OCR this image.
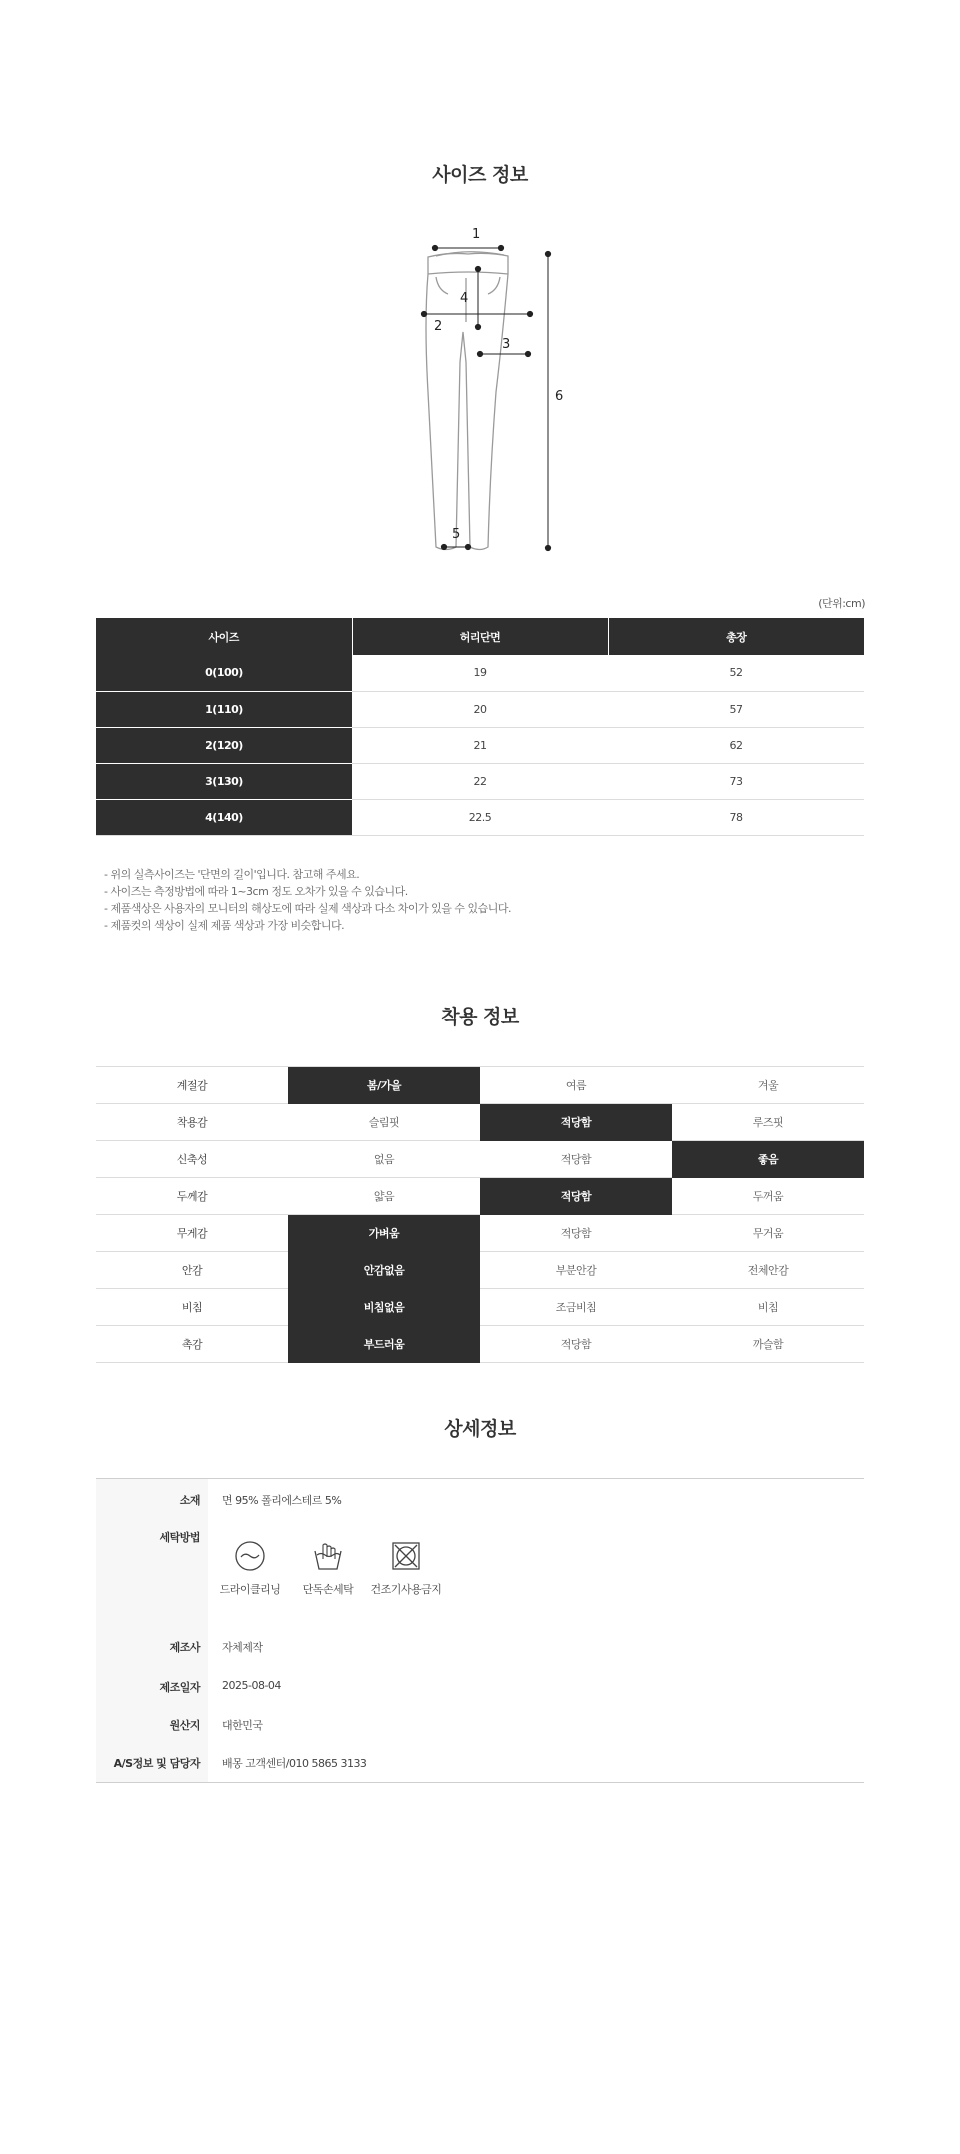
사이즈 정보
1
2
3
4
5
6
(단위:cm)
사이즈	허리단면	총장
0(100)	19	52
1(110)	20	57
2(120)	21	62
3(130)	22	73
4(140)	22.5	78
- 위의 실측사이즈는 '단면의 길이'입니다. 참고해 주세요.
- 사이즈는 측정방법에 따라 1~3cm 정도 오차가 있을 수 있습니다.
- 제품색상은 사용자의 모니터의 해상도에 따라 실제 색상과 다소 차이가 있을 수 있습니다.
- 제품컷의 색상이 실제 제품 색상과 가장 비슷합니다.
착용 정보
계절감	봄/가을	여름	겨울
착용감	슬림핏	적당함	루즈핏
신축성	없음	적당함	좋음
두께감	얇음	적당함	두꺼움
무게감	가벼움	적당함	무거움
안감	안감없음	부분안감	전체안감
비침	비침없음	조금비침	비침
촉감	부드러움	적당함	까슬함
상세정보
소재 면 95% 폴리에스테르 5%
세탁방법
드라이클리닝	단독손세탁	건조기사용금지
제조사 자체제작
제조일자 2025-08-04
원산지 대한민국
A/S정보 및 담당자 배몽 고객센터/010 5865 3133
